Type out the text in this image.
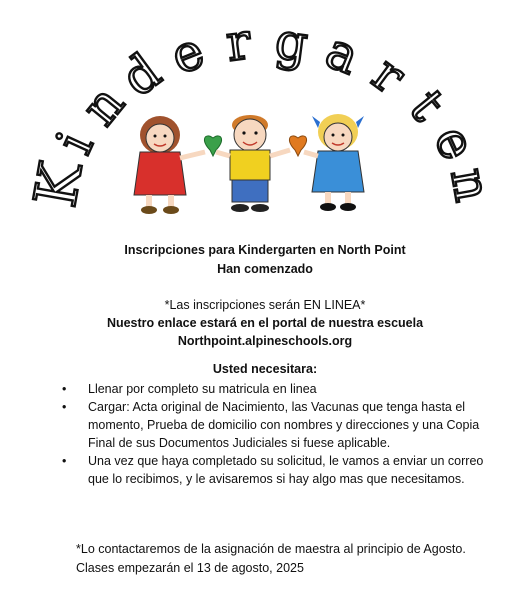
K
i
n
d
e r g a
r
t
e
n
Inscripciones para Kindergarten en North Point
Han comenzado
*Las inscripciones serán EN LINEA*
Nuestro enlace estará en el portal de nuestra escuela
Northpoint.alpineschools.org
Usted necesitara:
• Llenar por completo su matricula en linea
• Cargar: Acta original de Nacimiento, las Vacunas que tenga hasta el momento, Prueba de domicilio con nombres y direcciones y una Copia Final de sus Documentos Judiciales si fuese aplicable.
• Una vez que haya completado su solicitud, le vamos a enviar un correo que lo recibimos, y le avisaremos si hay algo mas que necesitamos.
*Lo contactaremos de la asignación de maestra al principio de Agosto. Clases empezarán el 13 de agosto, 2025
